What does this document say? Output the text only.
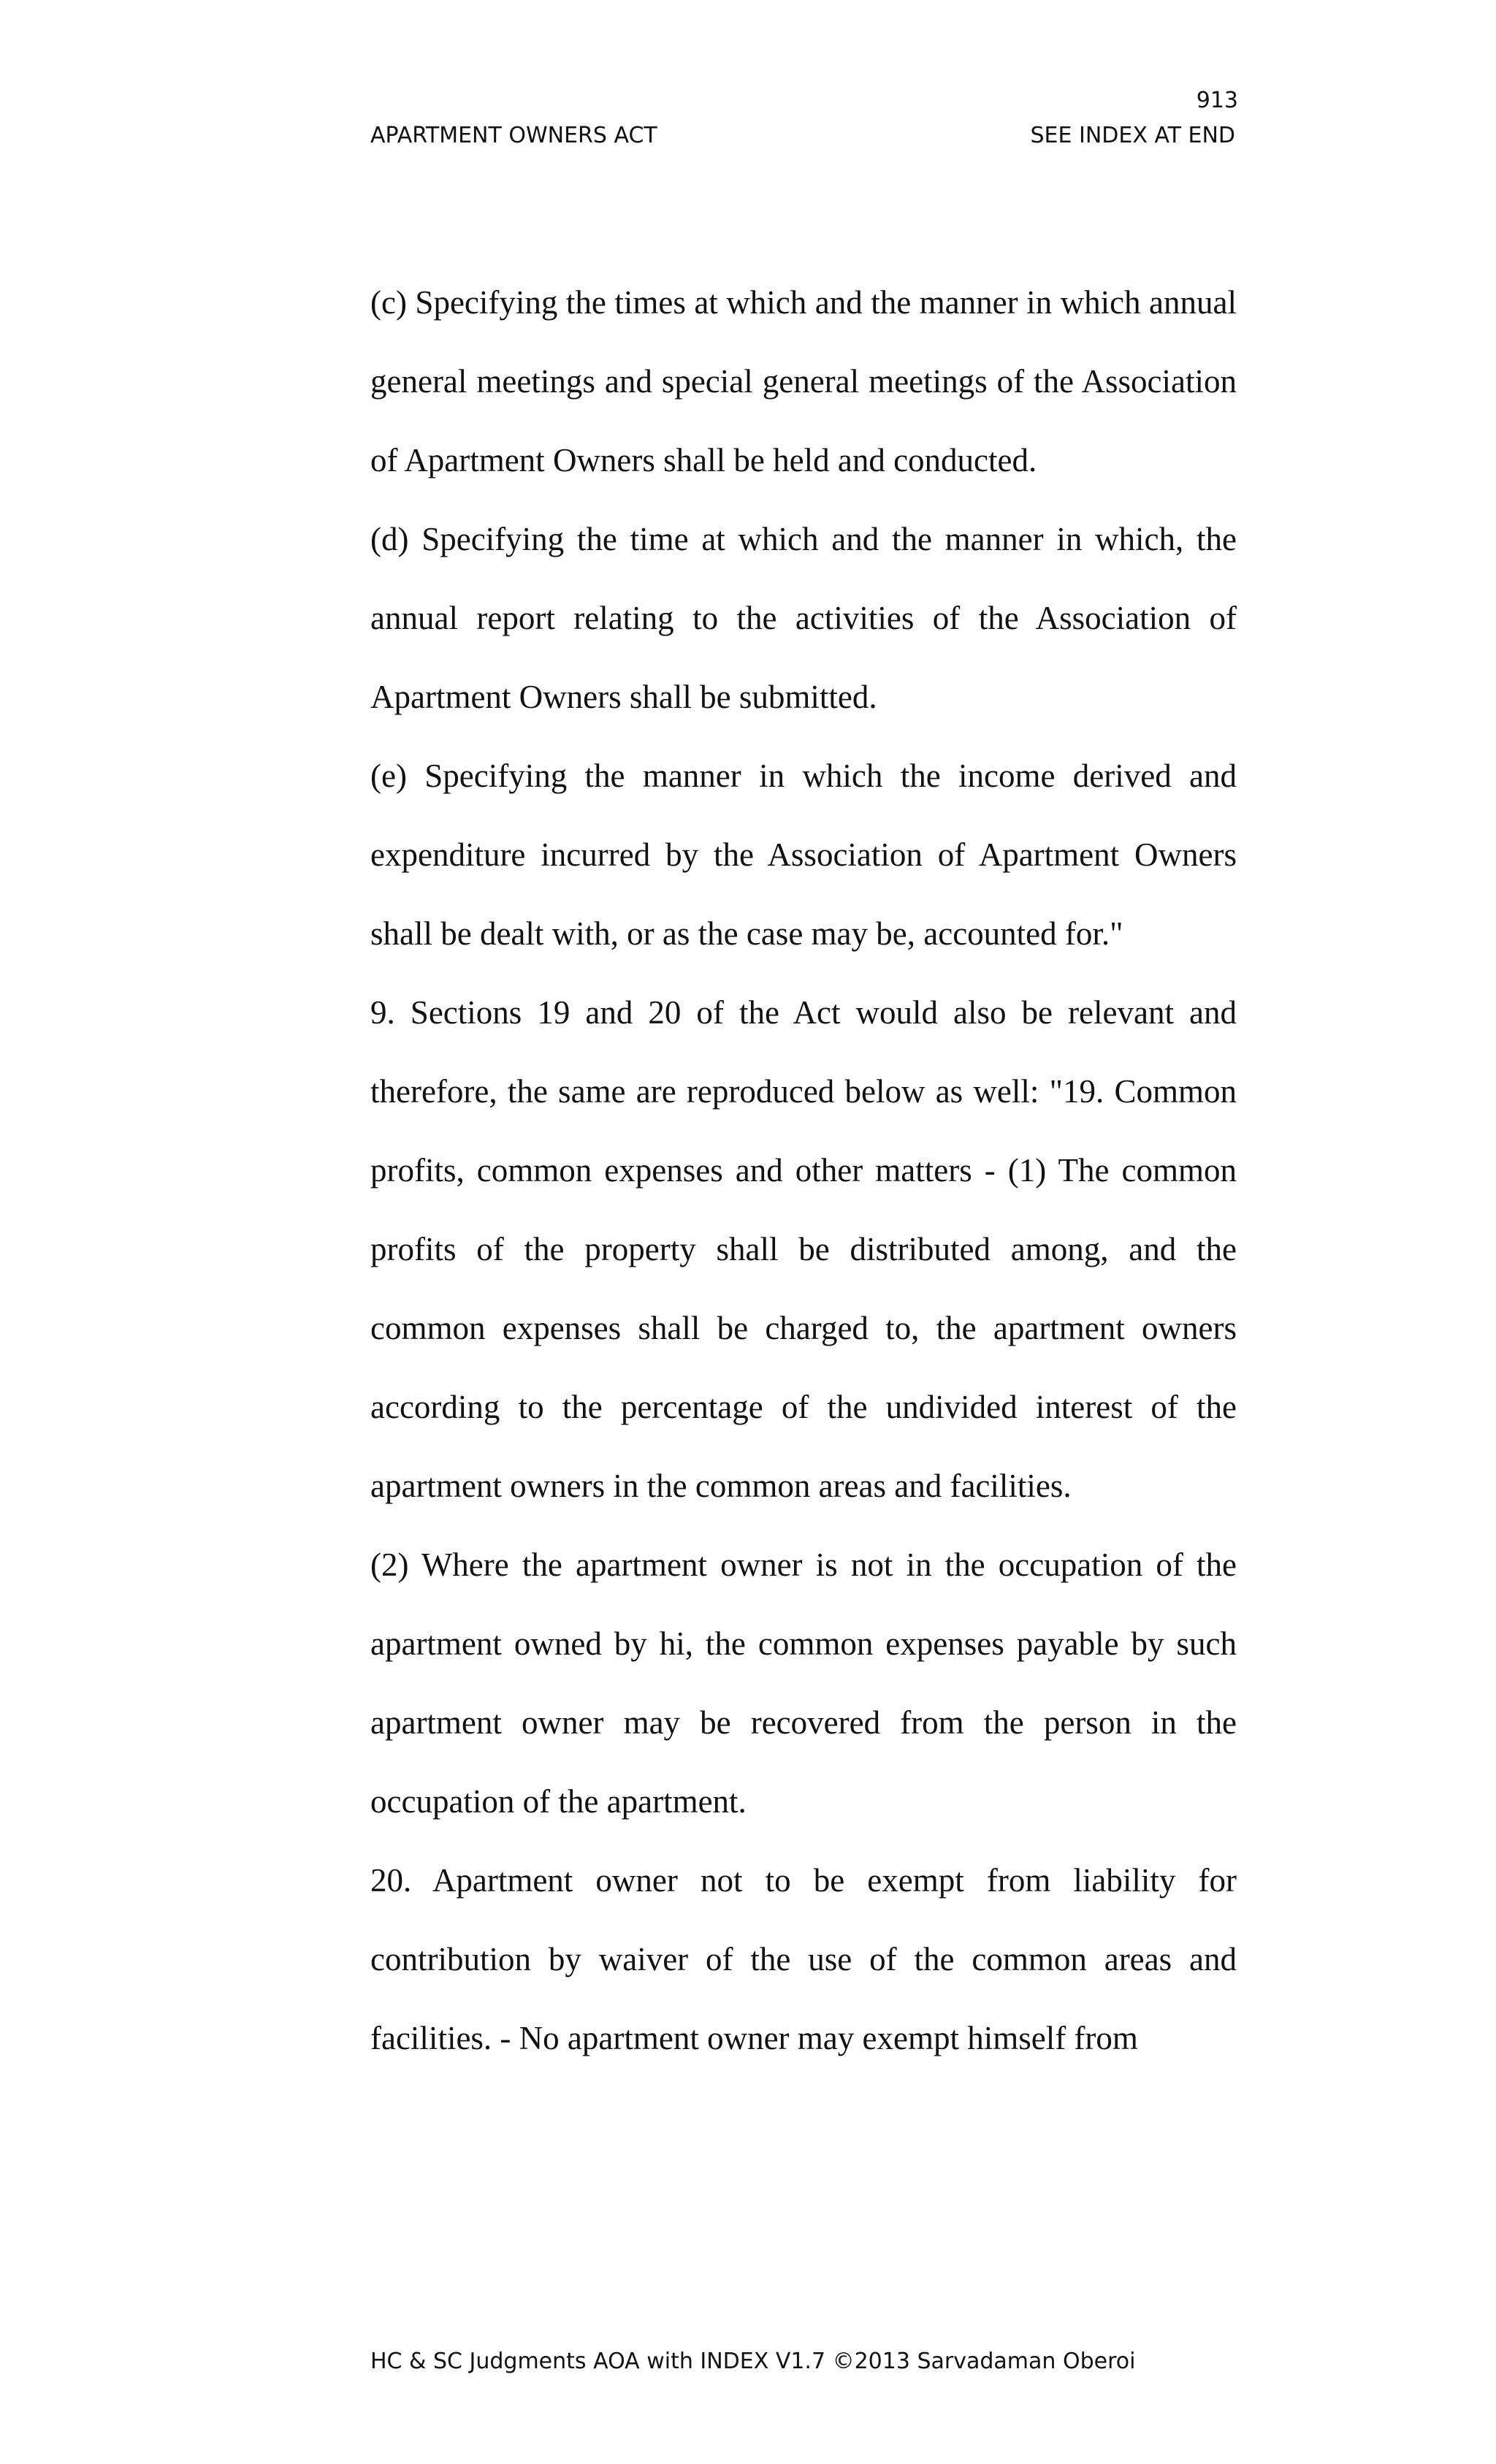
913
APARTMENT OWNERS ACT	SEE INDEX AT END

(c) Specifying the times at which and the manner in which annual general meetings and special general meetings of the Association of Apartment Owners shall be held and conducted.

(d) Specifying the time at which and the manner in which, the annual report relating to the activities of the Association of Apartment Owners shall be submitted.

(e) Specifying the manner in which the income derived and expenditure incurred by the Association of Apartment Owners shall be dealt with, or as the case may be, accounted for."

9. Sections 19 and 20 of the Act would also be relevant and therefore, the same are reproduced below as well: "19. Common profits, common expenses and other matters - (1) The common profits of the property shall be distributed among, and the common expenses shall be charged to, the apartment owners according to the percentage of the undivided interest of the apartment owners in the common areas and facilities.

(2) Where the apartment owner is not in the occupation of the apartment owned by hi, the common expenses payable by such apartment owner may be recovered from the person in the occupation of the apartment.

20. Apartment owner not to be exempt from liability for contribution by waiver of the use of the common areas and facilities. - No apartment owner may exempt himself from

HC & SC Judgments AOA with INDEX V1.7 ©2013 Sarvadaman Oberoi
